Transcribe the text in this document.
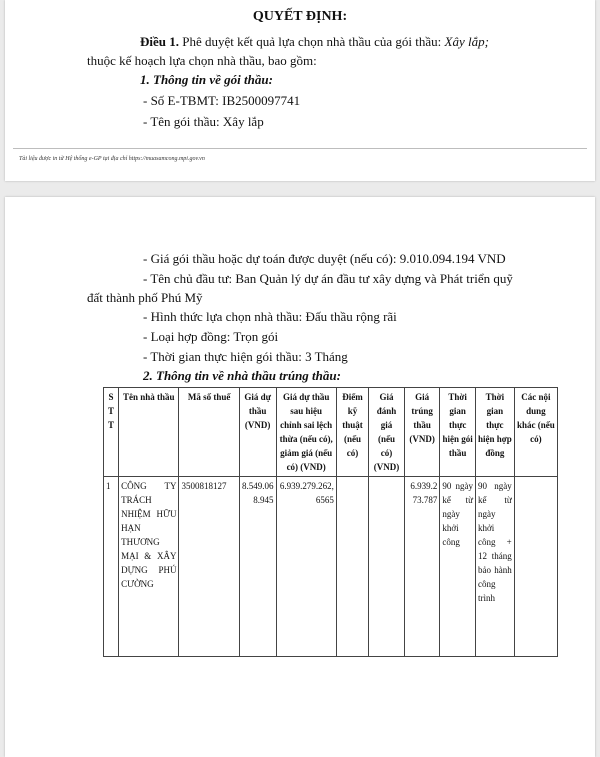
QUYẾT ĐỊNH:
Điều 1. Phê duyệt kết quả lựa chọn nhà thầu của gói thầu: Xây lắp;
thuộc kế hoạch lựa chọn nhà thầu, bao gồm:
1. Thông tin về gói thầu:
- Số E-TBMT: IB2500097741
- Tên gói thầu: Xây lắp
Tài liệu được in từ Hệ thống e-GP tại địa chỉ https://muasamcong.mpi.gov.vn
- Giá gói thầu hoặc dự toán được duyệt (nếu có): 9.010.094.194 VND
- Tên chủ đầu tư: Ban Quản lý dự án đầu tư xây dựng và Phát triển quỹ
đất thành phố Phú Mỹ
- Hình thức lựa chọn nhà thầu: Đấu thầu rộng rãi
- Loại hợp đồng: Trọn gói
- Thời gian thực hiện gói thầu: 3 Tháng
2. Thông tin về nhà thầu trúng thầu:
S T T	Tên nhà thầu	Mã số thuế	Giá dự thầu (VND)	Giá dự thầu sau hiệu chỉnh sai lệch thừa (nếu có), giảm giá (nếu có) (VND)	Điểm kỹ thuật (nếu có)	Giá đánh giá (nếu có) (VND)	Giá trúng thầu (VND)	Thời gian thực hiện gói thầu	Thời gian thực hiện hợp đồng	Các nội dung khác (nếu có)
1	CÔNG TY TRÁCH NHIỆM HỮU HẠN THƯƠNG MẠI & XÂY DỰNG PHÚ CƯỜNG	3500818127	8.549.068.945	6.939.279.262,6565			6.939.273.787	90 ngày kể từ ngày khởi công	90 ngày kể từ ngày khởi công + 12 tháng bảo hành công trình	
